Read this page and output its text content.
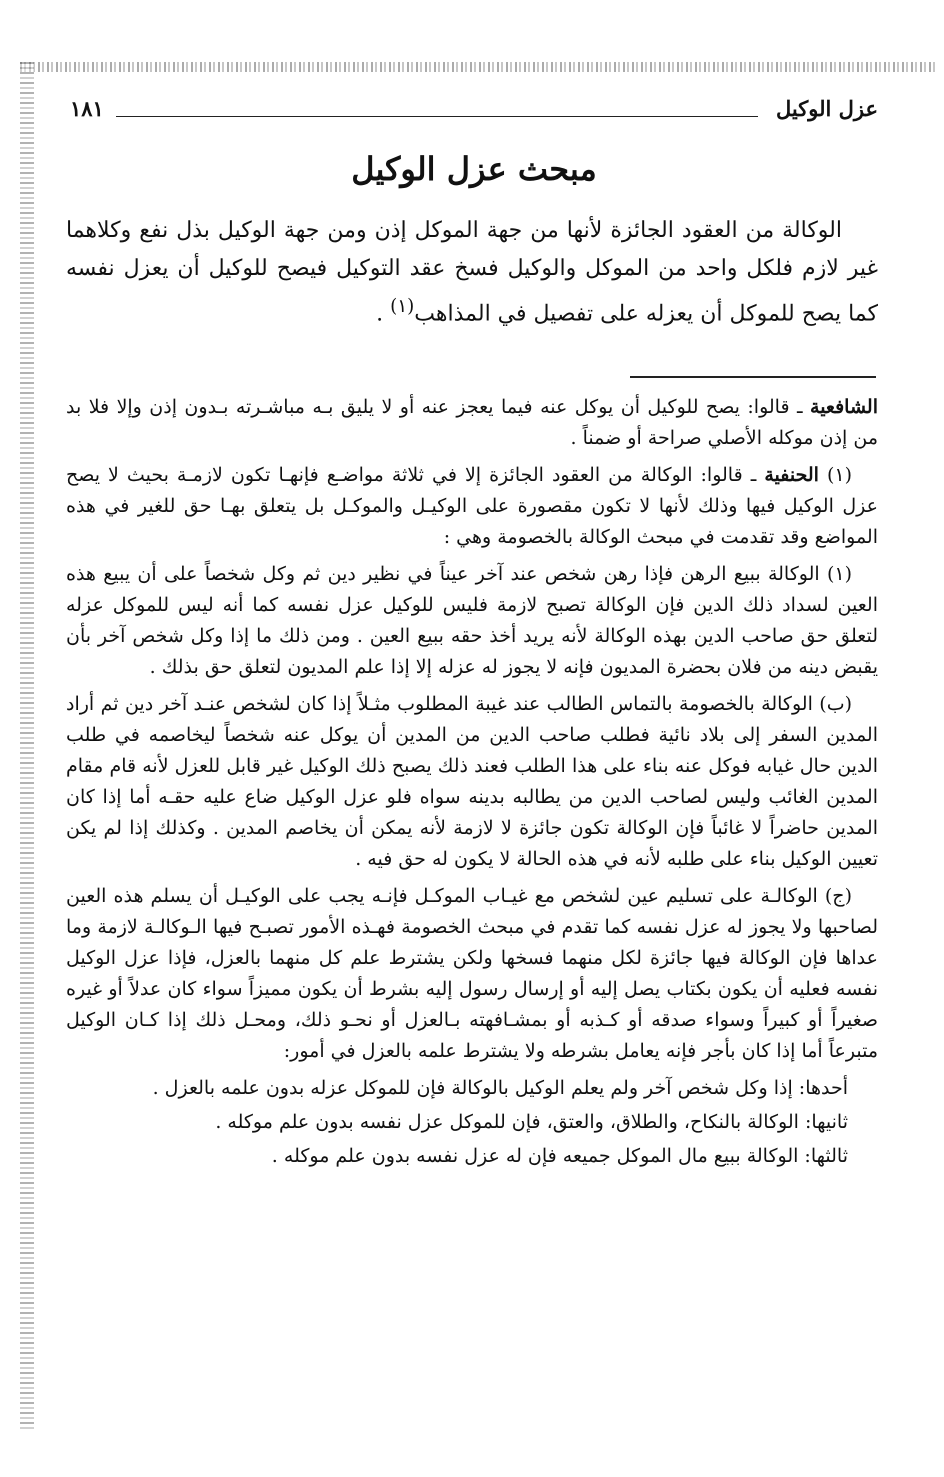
عزل الوكيل
١٨١
مبحث عزل الوكيل

الوكالة من العقود الجائزة لأنها من جهة الموكل إذن ومن جهة الوكيل بذل نفع وكلاهما غير لازم فلكل واحد من الموكل والوكيل فسخ عقد التوكيل فيصح للوكيل أن يعزل نفسه كما يصح للموكل أن يعزله على تفصيل في المذاهب$^{(١)}$ .

الشافعية ـ قالوا: يصح للوكيل أن يوكل عنه فيما يعجز عنه أو لا يليق بـه مباشـرته بـدون إذن وإلا فلا بد من إذن موكله الأصلي صراحة أو ضمناً .

(١) الحنفية ـ قالوا: الوكالة من العقود الجائزة إلا في ثلاثة مواضـع فإنهـا تكون لازمـة بحيث لا يصح عزل الوكيل فيها وذلك لأنها لا تكون مقصورة على الوكيـل والموكـل بل يتعلق بهـا حق للغير في هذه المواضع وقد تقدمت في مبحث الوكالة بالخصومة وهي :

(١) الوكالة ببيع الرهن فإذا رهن شخص عند آخر عيناً في نظير دين ثم وكل شخصاً على أن يبيع هذه العين لسداد ذلك الدين فإن الوكالة تصبح لازمة فليس للوكيل عزل نفسه كما أنه ليس للموكل عزله لتعلق حق صاحب الدين بهذه الوكالة لأنه يريد أخذ حقه ببيع العين . ومن ذلك ما إذا وكل شخص آخر بأن يقبض دينه من فلان بحضرة المديون فإنه لا يجوز له عزله إلا إذا علم المديون لتعلق حق بذلك .

(ب) الوكالة بالخصومة بالتماس الطالب عند غيبة المطلوب مثـلاً إذا كان لشخص عنـد آخر دين ثم أراد المدين السفر إلى بلاد نائية فطلب صاحب الدين من المدين أن يوكل عنه شخصاً ليخاصمه في طلب الدين حال غيابه فوكل عنه بناء على هذا الطلب فعند ذلك يصبح ذلك الوكيل غير قابل للعزل لأنه قام مقام المدين الغائب وليس لصاحب الدين من يطالبه بدينه سواه فلو عزل الوكيل ضاع عليه حقـه أما إذا كان المدين حاضراً لا غائباً فإن الوكالة تكون جائزة لا لازمة لأنه يمكن أن يخاصم المدين . وكذلك إذا لم يكن تعيين الوكيل بناء على طلبه لأنه في هذه الحالة لا يكون له حق فيه .

(ج) الوكالـة على تسليم عين لشخص مع غيـاب الموكـل فإنـه يجب على الوكيـل أن يسلم هذه العين لصاحبها ولا يجوز له عزل نفسه كما تقدم في مبحث الخصومة فهـذه الأمور تصبـح فيها الـوكالـة لازمة وما عداها فإن الوكالة فيها جائزة لكل منهما فسخها ولكن يشترط علم كل منهما بالعزل، فإذا عزل الوكيل نفسه فعليه أن يكون بكتاب يصل إليه أو إرسال رسول إليه بشرط أن يكون مميزاً سواء كان عدلاً أو غيره صغيراً أو كبيراً وسواء صدقه أو كـذبه أو بمشـافهته بـالعزل أو نحـو ذلك، ومحـل ذلك إذا كـان الوكيل متبرعاً أما إذا كان بأجر فإنه يعامل بشرطه ولا يشترط علمه بالعزل في أمور:

أحدها: إذا وكل شخص آخر ولم يعلم الوكيل بالوكالة فإن للموكل عزله بدون علمه بالعزل .

ثانيها: الوكالة بالنكاح، والطلاق، والعتق، فإن للموكل عزل نفسه بدون علم موكله .

ثالثها: الوكالة ببيع مال الموكل جميعه فإن له عزل نفسه بدون علم موكله .
